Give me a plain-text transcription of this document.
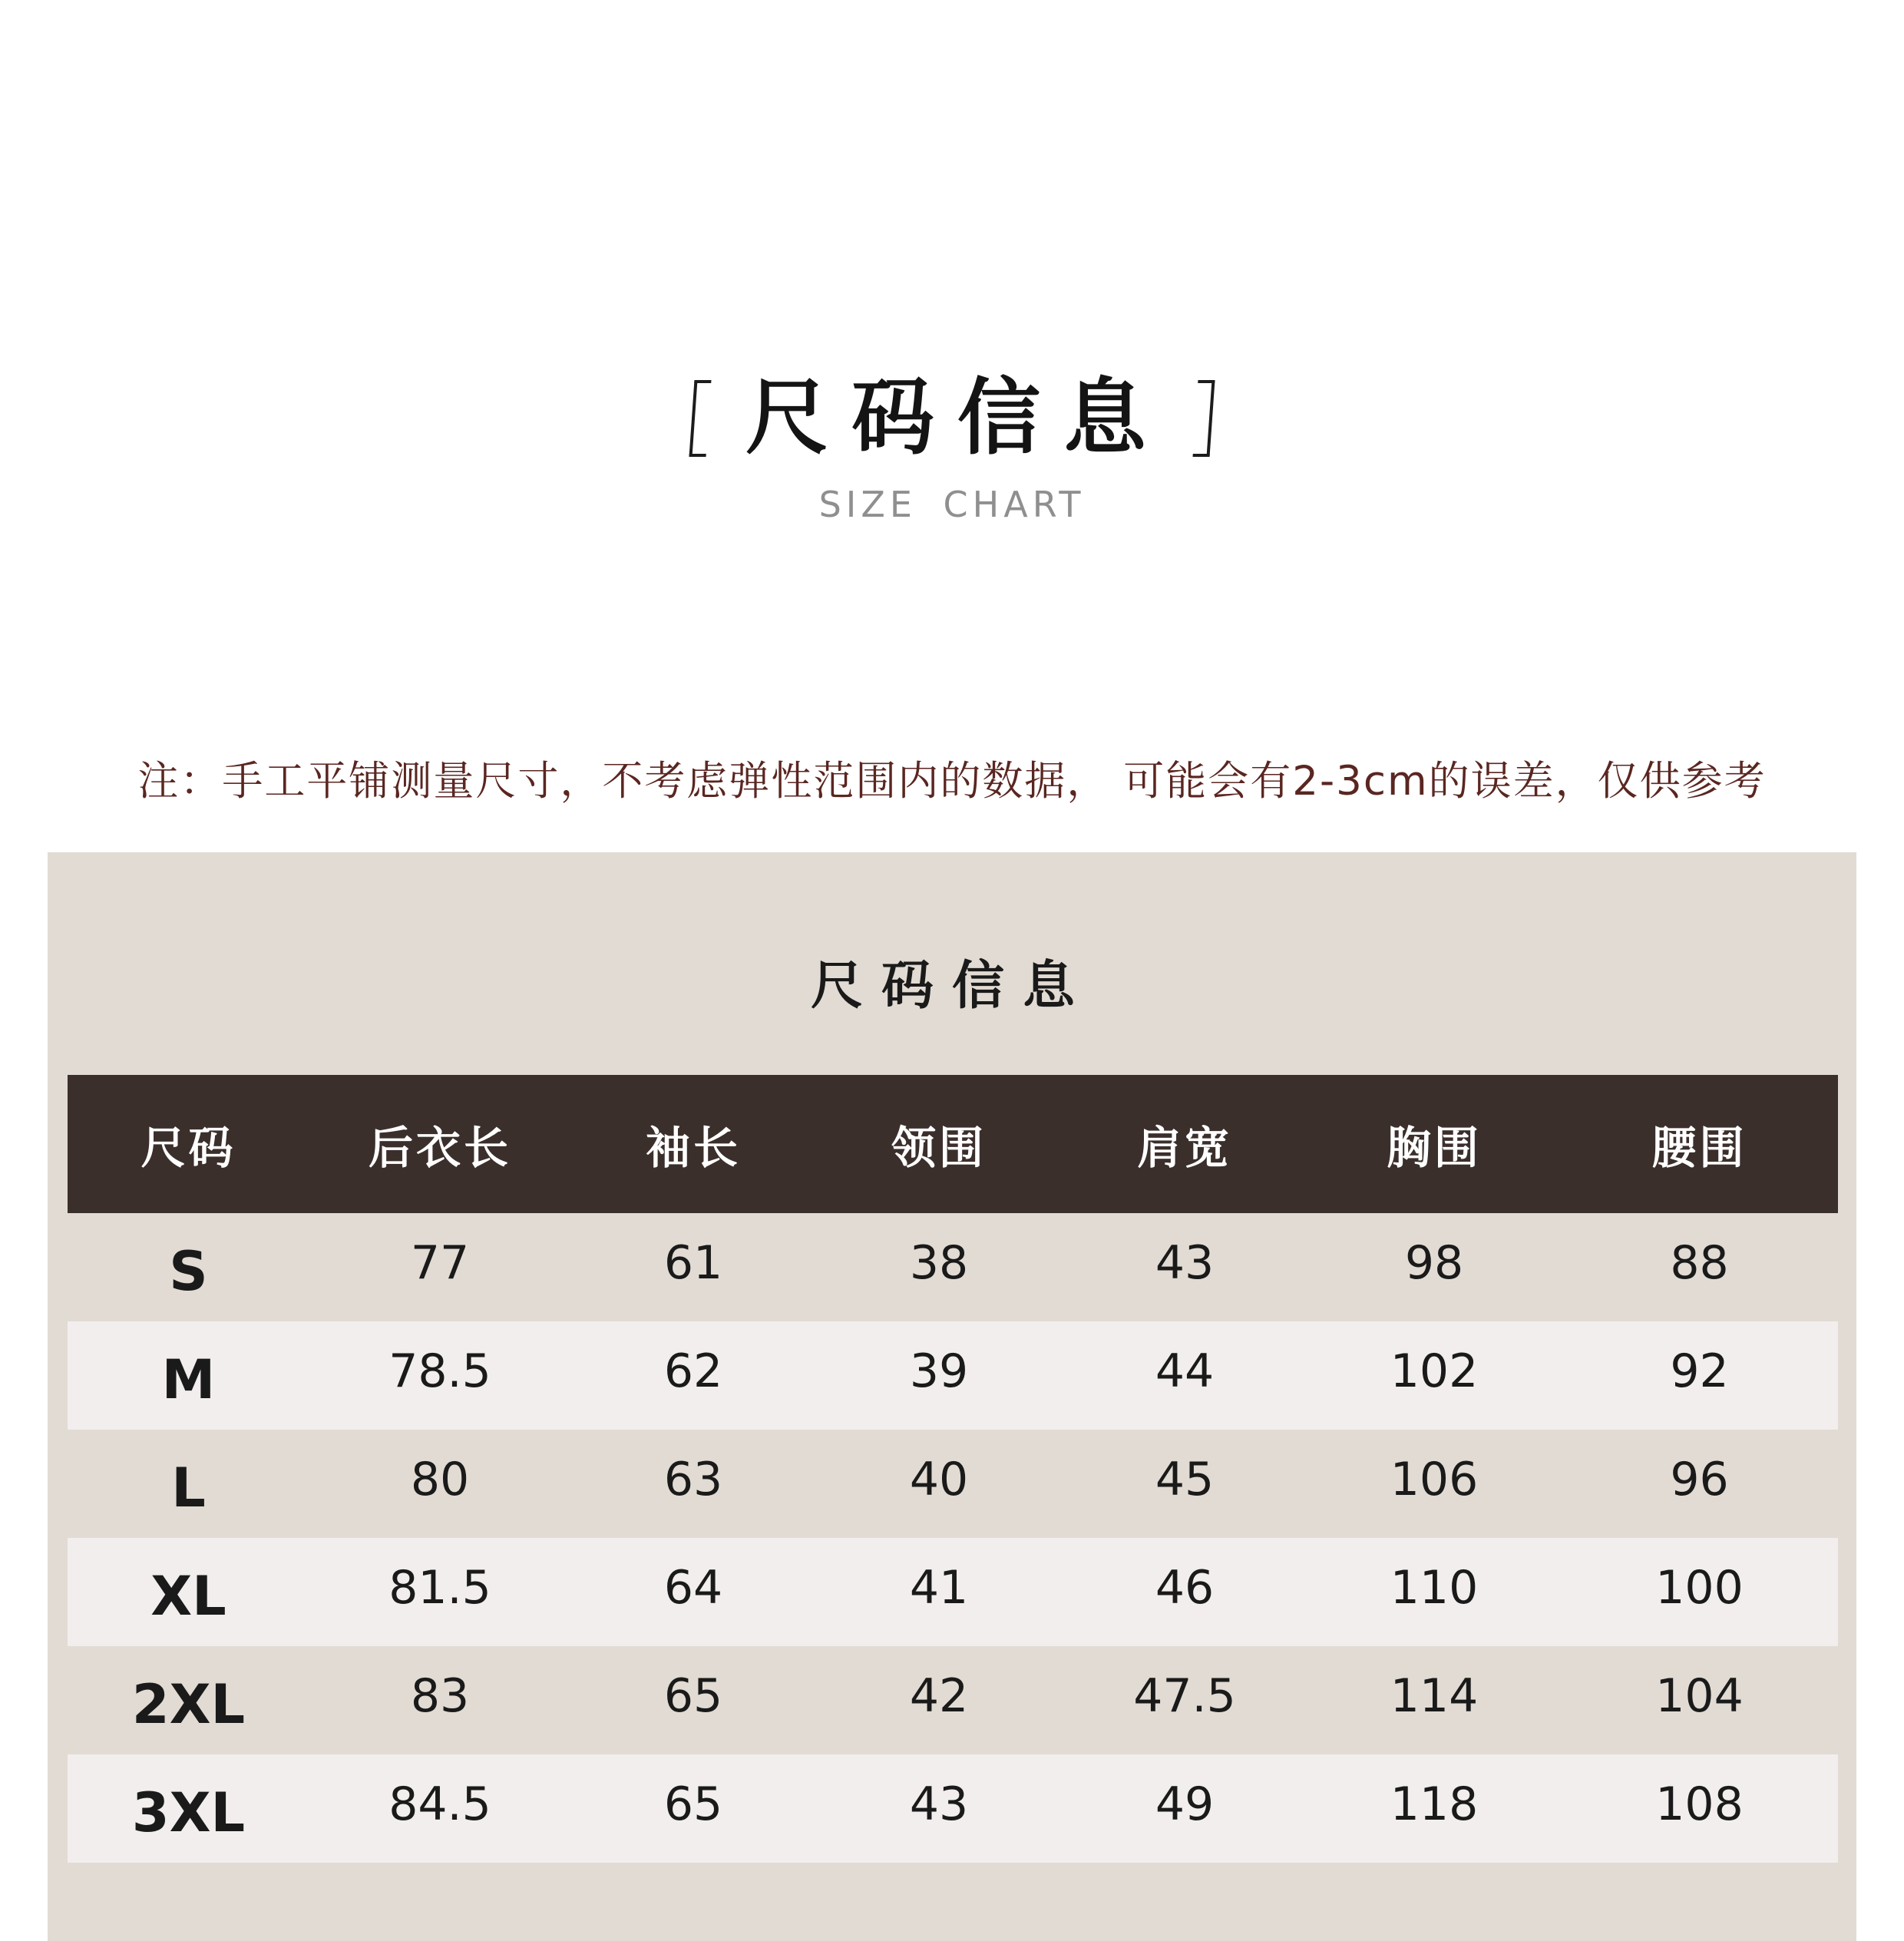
尺码信息
SIZE CHART
注：手工平铺测量尺寸，不考虑弹性范围内的数据， 可能会有2-3cm的误差，仅供参考
尺码信息
尺码	后衣长	袖长	领围	肩宽	胸围	腰围
S	77	61	38	43	98	88
M	78.5	62	39	44	102	92
L	80	63	40	45	106	96
XL	81.5	64	41	46	110	100
2XL	83	65	42	47.5	114	104
3XL	84.5	65	43	49	118	108
